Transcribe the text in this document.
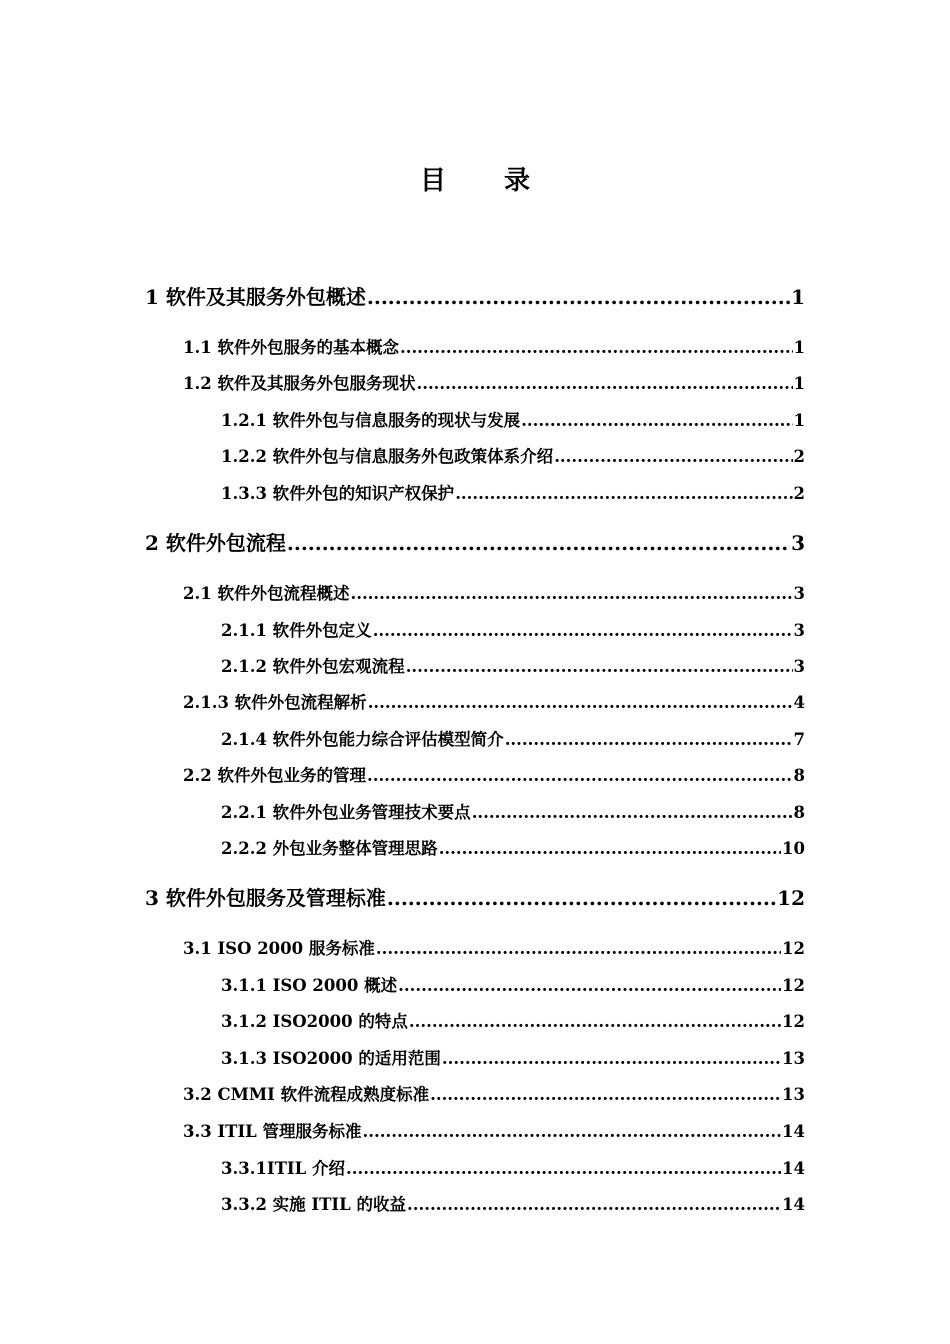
目 录
1 软件及其服务外包概述 .....	1
1.1 软件外包服务的基本概念 .....	1
1.2 软件及其服务外包服务现状 .....	1
1.2.1 软件外包与信息服务的现状与发展 .....	1
1.2.2 软件外包与信息服务外包政策体系介绍 .....	2
1.3.3 软件外包的知识产权保护 .....	2
2 软件外包流程 .....	3
2.1 软件外包流程概述 .....	3
2.1.1 软件外包定义 .....	3
2.1.2 软件外包宏观流程 .....	3
2.1.3 软件外包流程解析 .....	4
2.1.4 软件外包能力综合评估模型简介 .....	7
2.2 软件外包业务的管理 .....	8
2.2.1 软件外包业务管理技术要点 .....	8
2.2.2 外包业务整体管理思路 .....	10
3 软件外包服务及管理标准 .....	12
3.1 ISO 2000 服务标准 .....	12
3.1.1 ISO 2000 概述 .....	12
3.1.2 ISO2000 的特点 .....	12
3.1.3 ISO2000 的适用范围 .....	13
3.2 CMMI 软件流程成熟度标准 .....	13
3.3 ITIL 管理服务标准 .....	14
3.3.1ITIL 介绍 .....	14
3.3.2 实施 ITIL 的收益 .....	14
